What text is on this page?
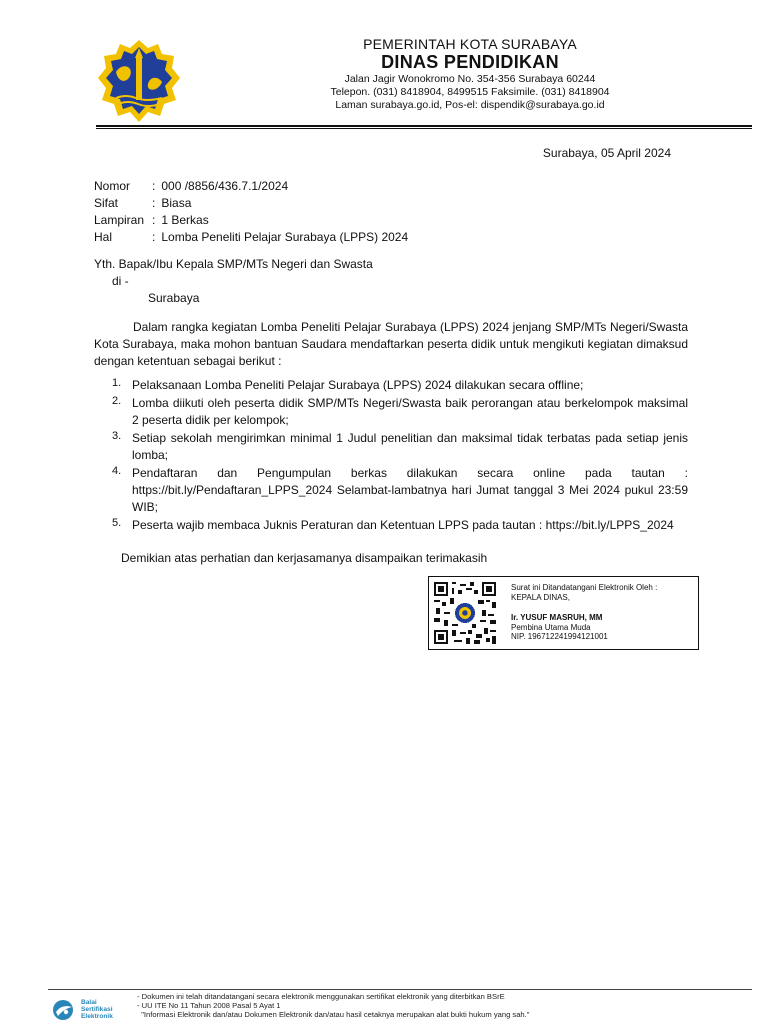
PEMERINTAH KOTA SURABAYA
DINAS PENDIDIKAN
Jalan Jagir Wonokromo No. 354-356 Surabaya 60244
Telepon. (031) 8418904, 8499515 Faksimile. (031) 8418904
Laman surabaya.go.id, Pos-el: dispendik@surabaya.go.id
Surabaya, 05 April 2024
Nomor	:
000 /8856/436.7.1/2024
Sifat	:
Biasa
Lampiran :
1 Berkas
Hal	:
Lomba Peneliti Pelajar Surabaya (LPPS) 2024
Yth. Bapak/Ibu Kepala SMP/MTs Negeri dan Swasta
di -
Surabaya

Dalam rangka kegiatan Lomba Peneliti Pelajar Surabaya (LPPS) 2024 jenjang SMP/MTs Negeri/Swasta Kota Surabaya, maka mohon bantuan Saudara mendaftarkan peserta didik untuk mengikuti kegiatan dimaksud dengan ketentuan sebagai berikut :

1. Pelaksanaan Lomba Peneliti Pelajar Surabaya (LPPS) 2024 dilakukan secara offline;
2. Lomba diikuti oleh peserta didik SMP/MTs Negeri/Swasta baik perorangan atau berkelompok maksimal 2 peserta didik per kelompok;
3. Setiap sekolah mengirimkan minimal 1 Judul penelitian dan maksimal tidak terbatas pada setiap jenis lomba;
4. Pendaftaran dan Pengumpulan berkas dilakukan secara online pada tautan : https://bit.ly/Pendaftaran_LPPS_2024 Selambat-lambatnya hari Jumat tanggal 3 Mei 2024 pukul 23:59 WIB;
5. Peserta wajib membaca Juknis Peraturan dan Ketentuan LPPS pada tautan : https://bit.ly/LPPS_2024
Demikian atas perhatian dan kerjasamanya disampaikan terimakasih
Surat ini Ditandatangani Elektronik Oleh :
KEPALA DINAS,
Ir. YUSUF MASRUH, MM
Pembina Utama Muda
NIP. 196712241994121001
Balai
Sertifikasi
Elektronik
- Dokumen ini telah ditandatangani secara elektronik menggunakan sertifikat elektronik yang diterbitkan BSrE
- UU ITE No 11 Tahun 2008 Pasal 5 Ayat 1
"Informasi Elektronik dan/atau Dokumen Elektronik dan/atau hasil cetaknya merupakan alat bukti hukum yang sah."
